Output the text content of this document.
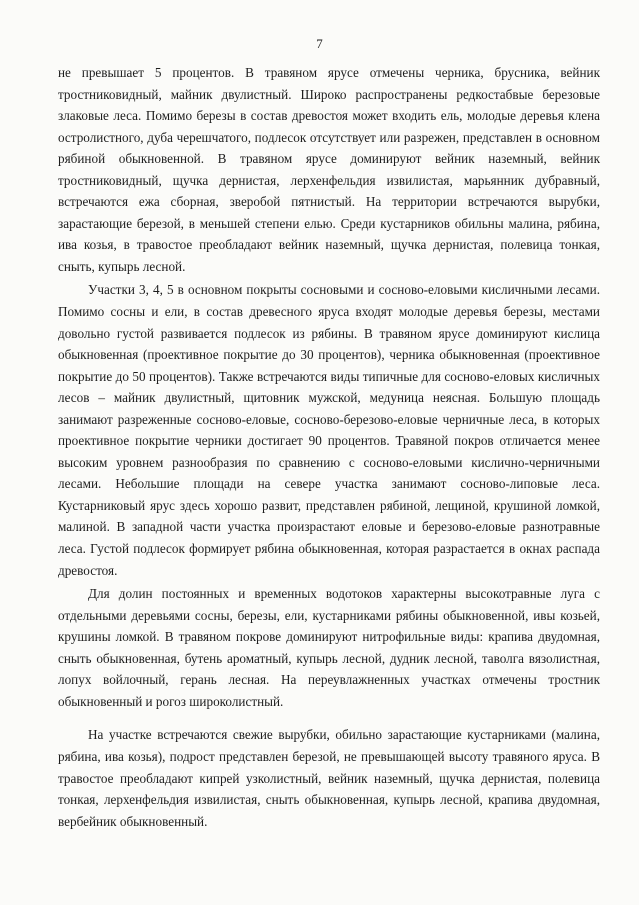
7

не превышает 5 процентов. В травяном ярусе отмечены черника, брусника, вейник тростниковидный, майник двулистный. Широко распространены редкостабвые березовые злаковые леса. Помимо березы в состав древостоя может входить ель, молодые деревья клена остролистного, дуба черешчатого, подлесок отсутствует или разрежен, представлен в основном рябиной обыкновенной. В травяном ярусе доминируют вейник наземный, вейник тростниковидный, щучка дернистая, лерхенфельдия извилистая, марьянник дубравный, встречаются ежа сборная, зверобой пятнистый. На территории встречаются вырубки, зарастающие березой, в меньшей степени елью. Среди кустарников обильны малина, рябина, ива козья, в травостое преобладают вейник наземный, щучка дернистая, полевица тонкая, сныть, купырь лесной.

Участки 3, 4, 5 в основном покрыты сосновыми и сосново-еловыми кисличными лесами. Помимо сосны и ели, в состав древесного яруса входят молодые деревья березы, местами довольно густой развивается подлесок из рябины. В травяном ярусе доминируют кислица обыкновенная (проективное покрытие до 30 процентов), черника обыкновенная (проективное покрытие до 50 процентов). Также встречаются виды типичные для сосново-еловых кисличных лесов – майник двулистный, щитовник мужской, медуница неясная. Большую площадь занимают разреженные сосново-еловые, сосново-березово-еловые черничные леса, в которых проективное покрытие черники достигает 90 процентов. Травяной покров отличается менее высоким уровнем разнообразия по сравнению с сосново-еловыми кислично-черничными лесами. Небольшие площади на севере участка занимают сосново-липовые леса. Кустарниковый ярус здесь хорошо развит, представлен рябиной, лещиной, крушиной ломкой, малиной. В западной части участка произрастают еловые и березово-еловые разнотравные леса. Густой подлесок формирует рябина обыкновенная, которая разрастается в окнах распада древостоя.

Для долин постоянных и временных водотоков характерны высокотравные луга с отдельными деревьями сосны, березы, ели, кустарниками рябины обыкновенной, ивы козьей, крушины ломкой. В травяном покрове доминируют нитрофильные виды: крапива двудомная, сныть обыкновенная, бутень ароматный, купырь лесной, дудник лесной, таволга вязолистная, лопух войлочный, герань лесная. На переувлажненных участках отмечены тростник обыкновенный и рогоз широколистный.

На участке встречаются свежие вырубки, обильно зарастающие кустарниками (малина, рябина, ива козья), подрост представлен березой, не превышающей высоту травяного яруса. В травостое преобладают кипрей узколистный, вейник наземный, щучка дернистая, полевица тонкая, лерхенфельдия извилистая, сныть обыкновенная, купырь лесной, крапива двудомная, вербейник обыкновенный.
